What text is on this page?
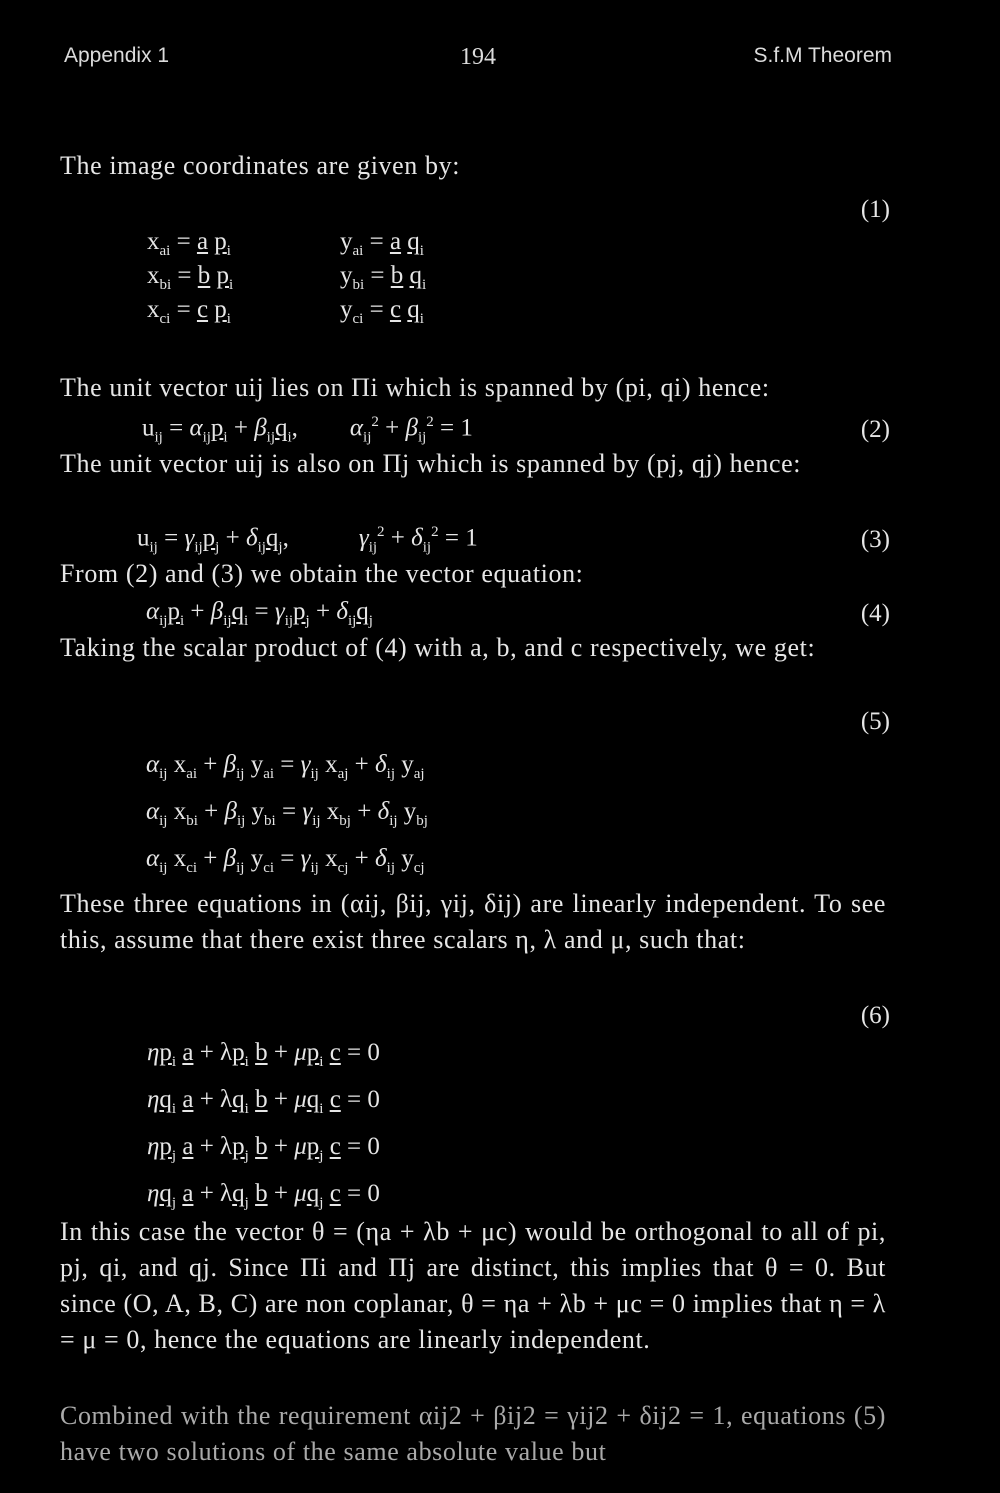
Appendix 1	194	S.f.M Theorem
The image coordinates are given by:
(1)
$x_{ai} = a$ $p_i$	$y_{ai} = a$ $q_i$
$x_{bi} = b$ $p_i$	$y_{bi} = b$ $q_i$
$x_{ci} = c$ $p_i$	$y_{ci} = c$ $q_i$
The unit vector uij lies on Πi which is spanned by (pi, qi) hence:
$u_{ij} = \alpha_{ij}p_i + \beta_{ij}q_i$, $\alpha_{ij}^2 + \beta_{ij}^2 = 1$	(2)
The unit vector uij is also on Πj which is spanned by (pj, qj) hence:
$u_{ij} = \gamma_{ij}p_j + \delta_{ij}q_j$,	$\gamma_{ij}^2 + \delta_{ij}^2 = 1$	(3)
From (2) and (3) we obtain the vector equation:
$\alpha_{ij}p_i + \beta_{ij}q_i = \gamma_{ij}p_j + \delta_{ij}q_j$	(4)
Taking the scalar product of (4) with a, b, and c respectively, we get:
(5)
$\alpha_{ij}$ $x_{ai} + \beta_{ij}$ $y_{ai} = \gamma_{ij}$ $x_{aj} + \delta_{ij}$ $y_{aj}$
$\alpha_{ij}$ $x_{bi} + \beta_{ij}$ $y_{bi} = \gamma_{ij}$ $x_{bj} + \delta_{ij}$ $y_{bj}$
$\alpha_{ij}$ $x_{ci} + \beta_{ij}$ $y_{ci} = \gamma_{ij}$ $x_{cj} + \delta_{ij}$ $y_{cj}$
These three equations in (αij, βij, γij, δij) are linearly independent. To see this, assume that there exist three scalars η, λ and μ, such that:
(6)
$\eta p_i$ $a + \lambda p_i$ $b + \mu p_i$ c = 0
$\eta q_i$ $a + \lambda q_i$ $b + \mu q_i$ c = 0
$\eta p_j$ $a + \lambda p_j$ $b + \mu p_j$ c = 0
$\eta q_j$ $a + \lambda q_j$ $b + \mu q_j$ c = 0
In this case the vector θ = (ηa + λb + μc) would be orthogonal to all of pi, pj, qi, and qj. Since Πi and Πj are distinct, this implies that θ = 0. But since (O, A, B, C) are non coplanar, θ = ηa + λb + μc = 0 implies that η = λ = μ = 0, hence the equations are linearly independent.
Combined with the requirement αij2 + βij2 = γij2 + δij2 = 1, equations (5) have two solutions of the same absolute value but
